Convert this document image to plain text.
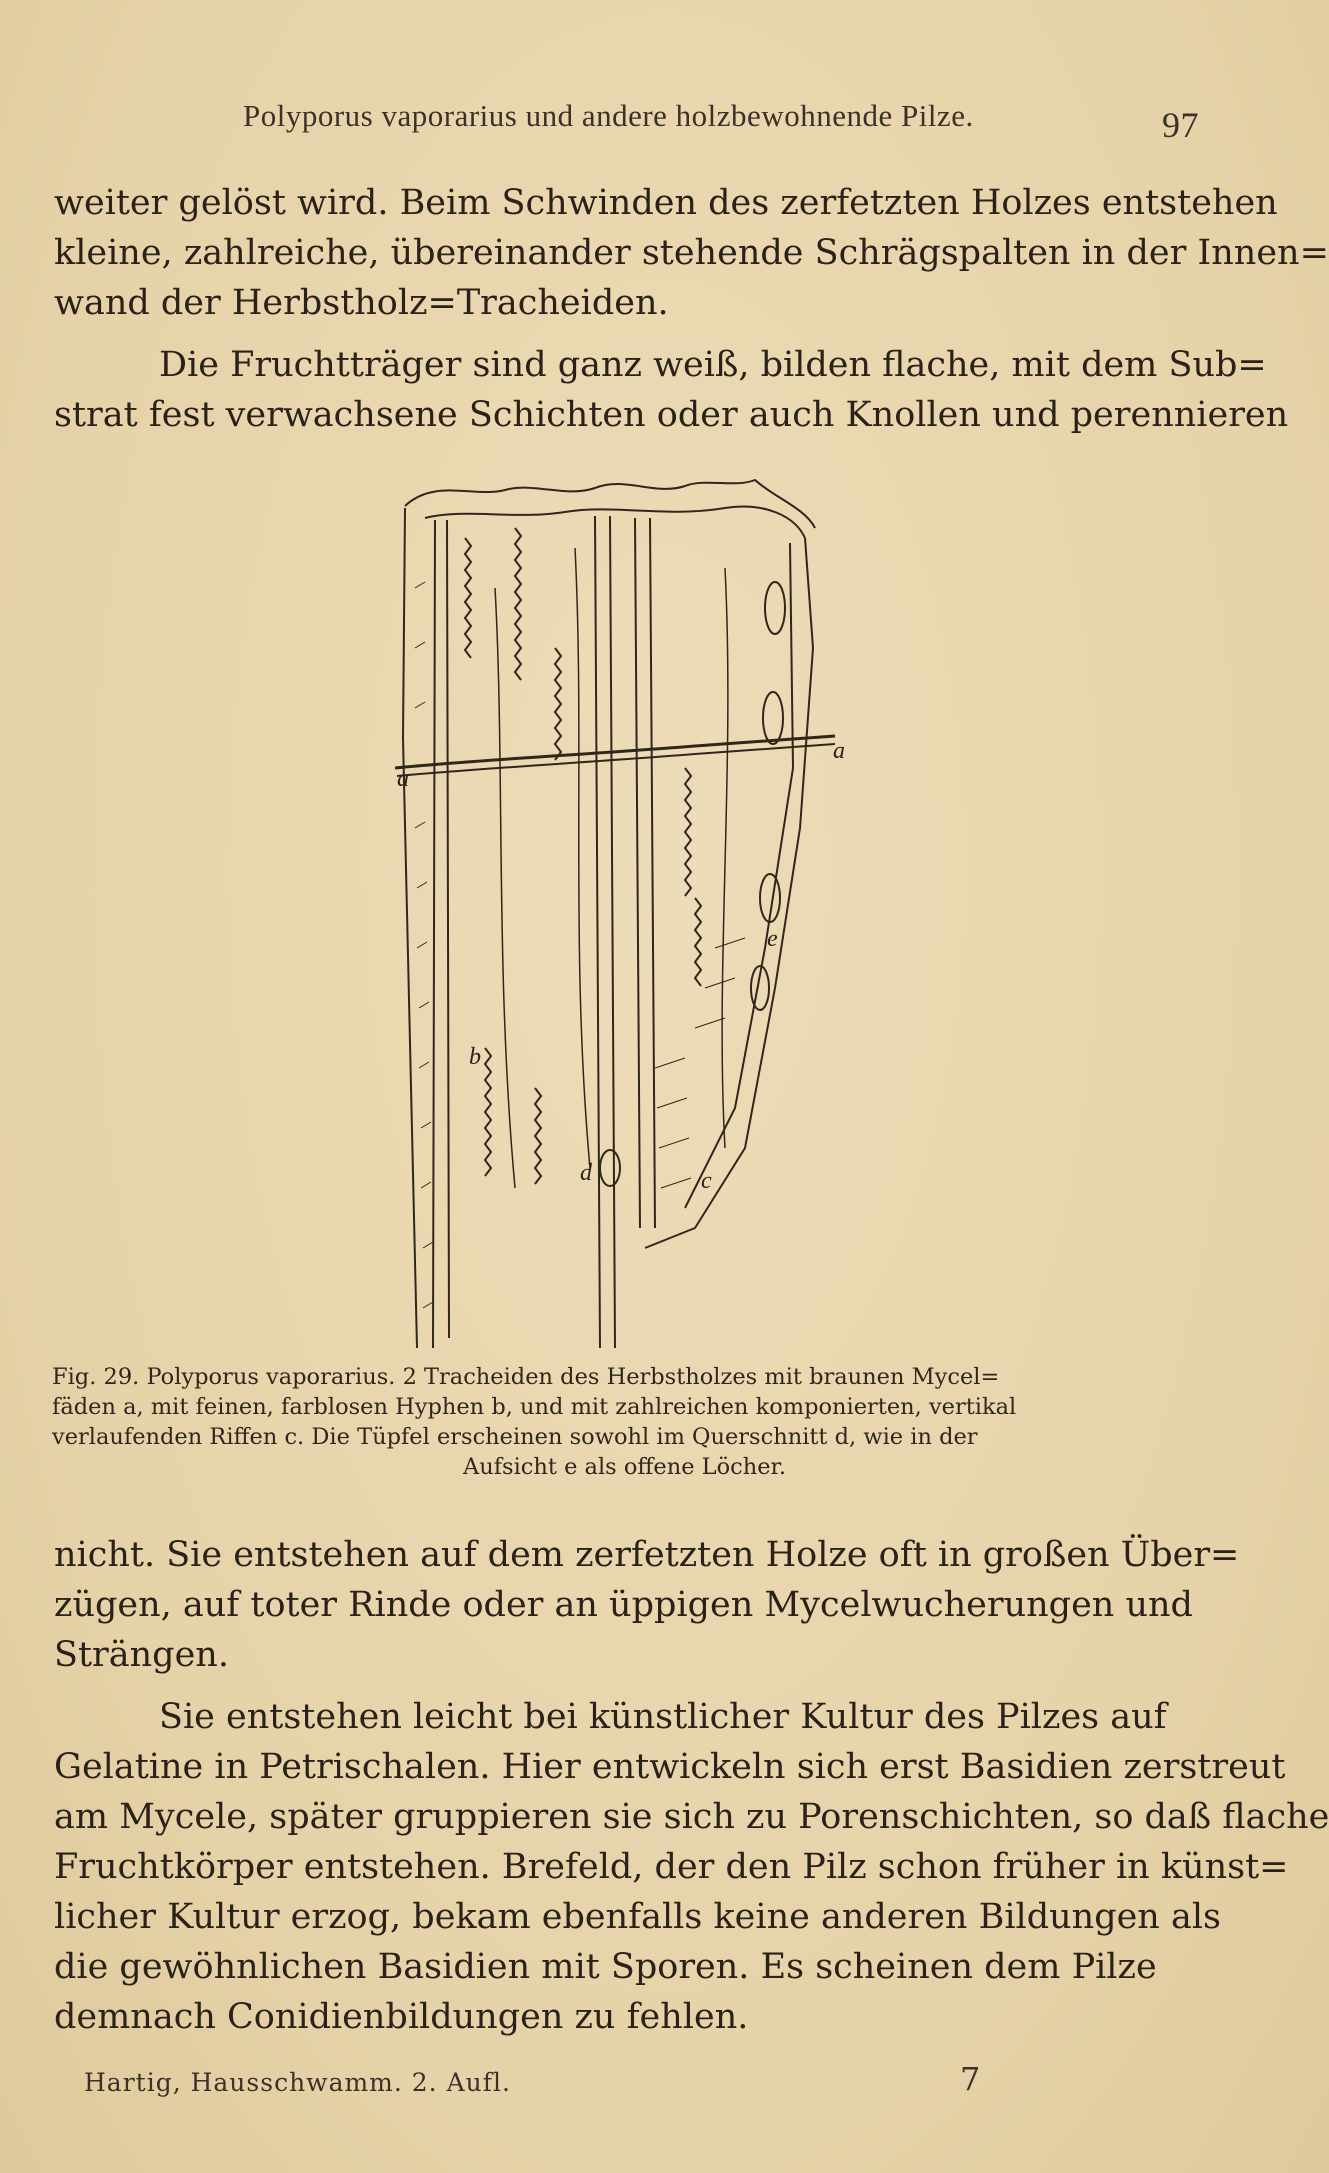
Polyporus vaporarius und andere holzbewohnende Pilze.	97
weiter gelöst wird. Beim Schwinden des zerfetzten Holzes entstehen
kleine, zahlreiche, übereinander stehende Schrägspalten in der Innen=
wand der Herbstholz=Tracheiden.
Die Fruchtträger sind ganz weiß, bilden flache, mit dem Sub=
strat fest verwachsene Schichten oder auch Knollen und perennieren
a
a
e
b
d	c
Fig. 29. Polyporus vaporarius. 2 Tracheiden des Herbstholzes mit braunen Mycel=
fäden a, mit feinen, farblosen Hyphen b, und mit zahlreichen komponierten, vertikal
verlaufenden Riffen c. Die Tüpfel erscheinen sowohl im Querschnitt d, wie in der
Aufsicht e als offene Löcher.
nicht. Sie entstehen auf dem zerfetzten Holze oft in großen Über=
zügen, auf toter Rinde oder an üppigen Mycelwucherungen und
Strängen.
Sie entstehen leicht bei künstlicher Kultur des Pilzes auf
Gelatine in Petrischalen. Hier entwickeln sich erst Basidien zerstreut
am Mycele, später gruppieren sie sich zu Porenschichten, so daß flache
Fruchtkörper entstehen. Brefeld, der den Pilz schon früher in künst=
licher Kultur erzog, bekam ebenfalls keine anderen Bildungen als
die gewöhnlichen Basidien mit Sporen. Es scheinen dem Pilze
demnach Conidienbildungen zu fehlen.
Hartig, Hausschwamm. 2. Aufl.	7
